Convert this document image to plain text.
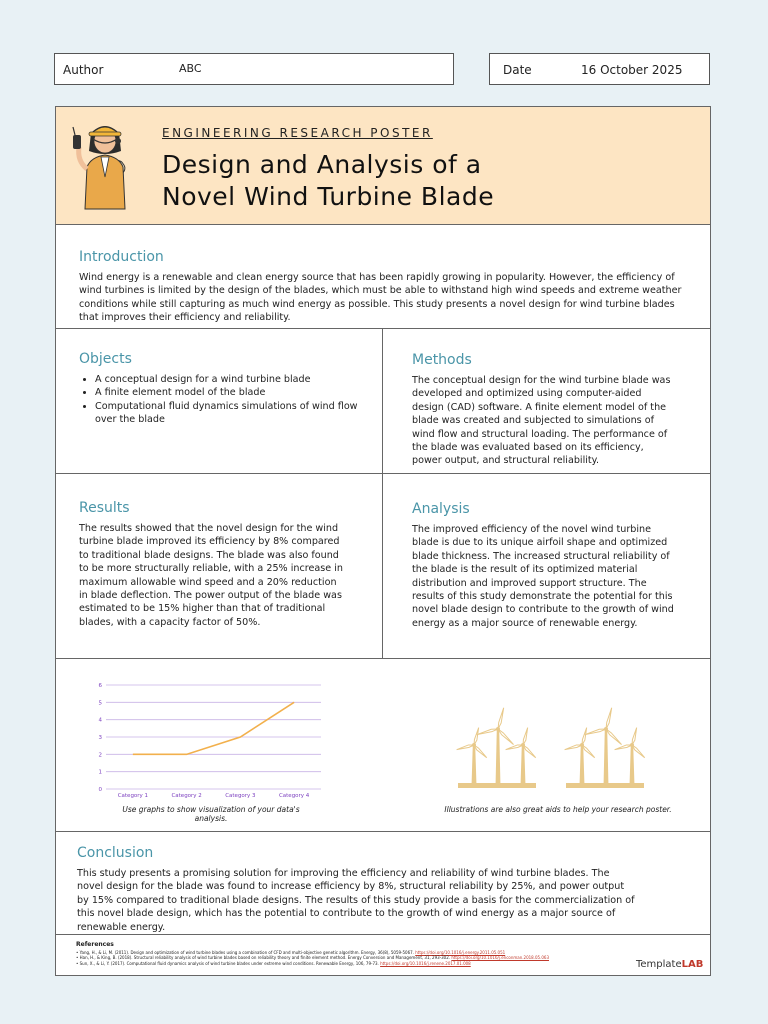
Author	ABC	Date	16 October 2025
ENGINEERING RESEARCH POSTER
Design and Analysis of a
Novel Wind Turbine Blade
Introduction

Wind energy is a renewable and clean energy source that has been rapidly growing in popularity. However, the efficiency of wind turbines is limited by the design of the blades, which must be able to withstand high wind speeds and extreme weather conditions while still capturing as much wind energy as possible. This study presents a novel design for wind turbine blades that improves their efficiency and reliability.

Objects
• A conceptual design for a wind turbine blade
• A finite element model of the blade
• Computational fluid dynamics simulations of wind flow over the blade
Methods

The conceptual design for the wind turbine blade was developed and optimized using computer-aided design (CAD) software. A finite element model of the blade was created and subjected to simulations of wind flow and structural loading. The performance of the blade was evaluated based on its efficiency, power output, and structural reliability.

Results

The results showed that the novel design for the wind turbine blade improved its efficiency by 8% compared to traditional blade designs. The blade was also found to be more structurally reliable, with a 25% increase in maximum allowable wind speed and a 20% reduction in blade deflection. The power output of the blade was estimated to be 15% higher than that of traditional blades, with a capacity factor of 50%.

Analysis

The improved efficiency of the novel wind turbine blade is due to its unique airfoil shape and optimized blade thickness. The increased structural reliability of the blade is the result of its optimized material distribution and improved support structure. The results of this study demonstrate the potential for this novel blade design to contribute to the growth of wind energy as a major source of renewable energy.

0
1
2
3
4
5
6
Category 1	Category 2	Category 3	Category 4
Use graphs to show visualization of your data's analysis.
Illustrations are also great aids to help your research poster.
Conclusion

This study presents a promising solution for improving the efficiency and reliability of wind turbine blades. The novel design for the blade was found to increase efficiency by 8%, structural reliability by 25%, and power output by 15% compared to traditional blade designs. The results of this study provide a basis for the commercialization of this novel blade design, which has the potential to contribute to the growth of wind energy as a major source of renewable energy.

References
• Yang, H., & Li, M. (2011). Design and optimization of wind turbine blades using a combination of CFD and multi-objective genetic algorithm. Energy, 36(8), 5059-5067. https://doi.org/10.1016/j.energy.2011.05.051
• Han, H., & King, B. (2018). Structural reliability analysis of wind turbine blades based on reliability theory and finite element method. Energy Conversion and Management, 31, 293-302. https://doi.org/10.1016/j.enconman.2018.05.063
• Sun, X., & Li, Y. (2017). Computational fluid dynamics analysis of wind turbine blades under extreme wind conditions. Renewable Energy, 106, 79-73. https://doi.org/10.1016/j.renene.2017.01.008	TemplateLAB
